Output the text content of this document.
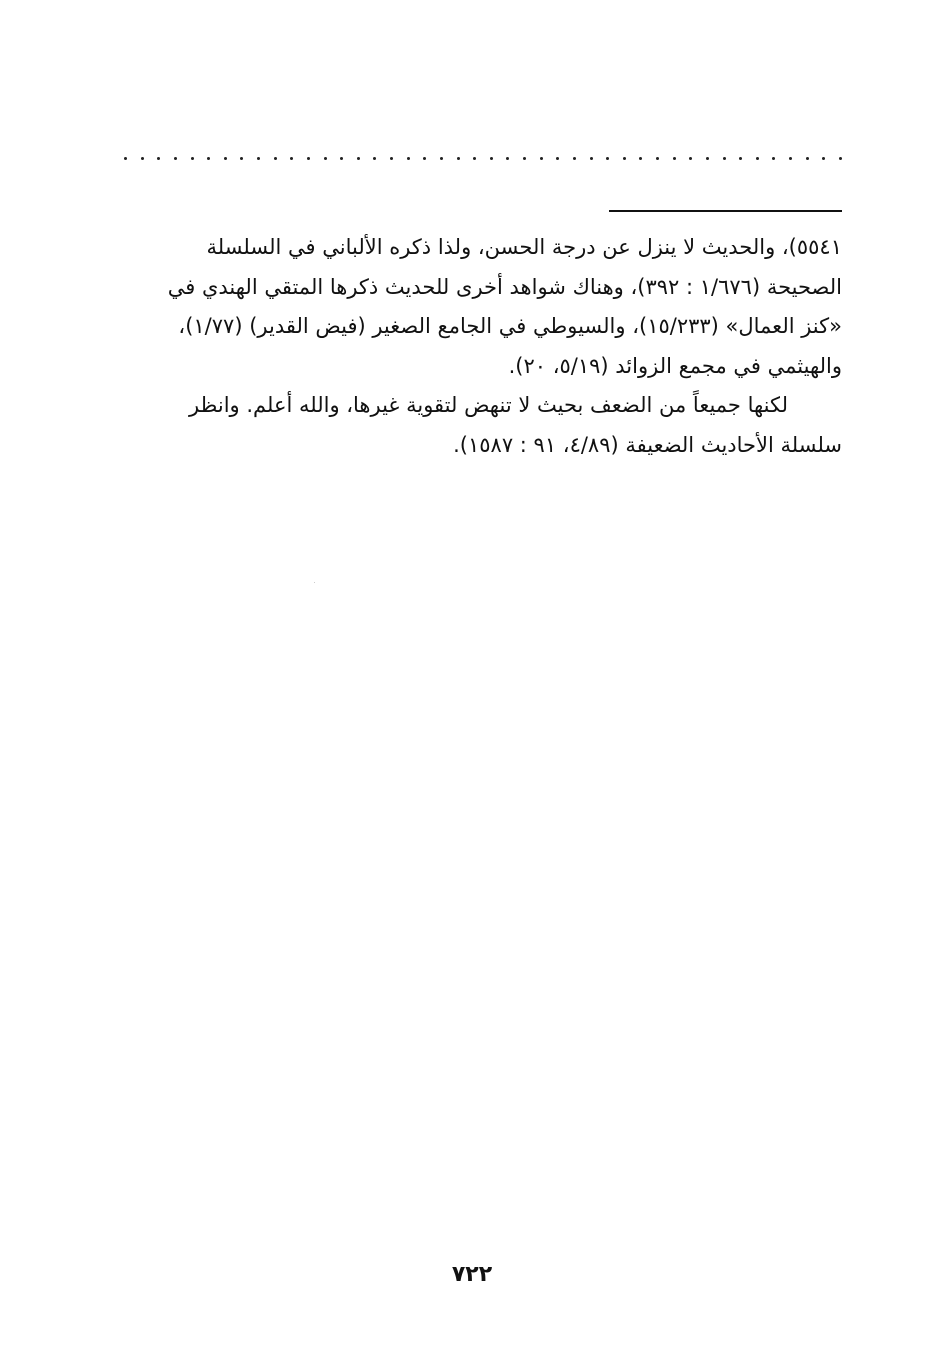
٥٥٤١)، والحديث لا ينزل عن درجة الحسن، ولذا ذكره الألباني في السلسلة

الصحيحة (١/٦٧٦ : ٣٩٢)، وهناك شواهد أخرى للحديث ذكرها المتقي الهندي في

«كنز العمال» (١٥/٢٣٣)، والسيوطي في الجامع الصغير (فيض القدير) (١/٧٧)،

والهيثمي في مجمع الزوائد (٥/١٩، ٢٠).

لكنها جميعاً من الضعف بحيث لا تنهض لتقوية غيرها، والله أعلم. وانظر

سلسلة الأحاديث الضعيفة (٤/٨٩، ٩١ : ١٥٨٧).

٧٢٢
